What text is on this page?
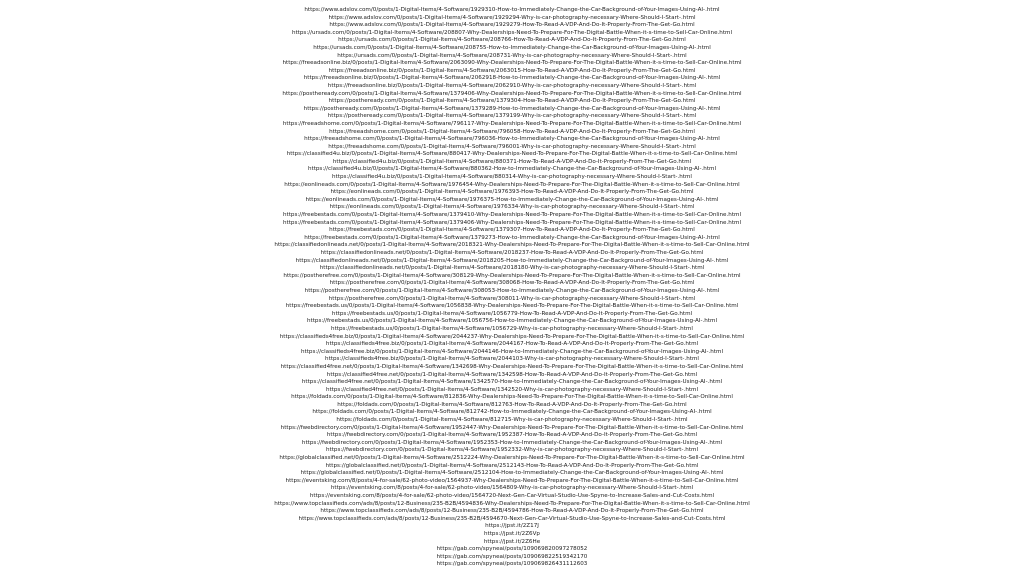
https://www.adslov.com/0/posts/1-Digital-Items/4-Software/1929310-How-to-Immediately-Change-the-Car-Background-of-Your-Images-Using-AI-.html
https://www.adslov.com/0/posts/1-Digital-Items/4-Software/1929294-Why-is-car-photography-necessary-Where-Should-I-Start-.html
https://www.adslov.com/0/posts/1-Digital-Items/4-Software/1929279-How-To-Read-A-VDP-And-Do-It-Properly-From-The-Get-Go.html
https://ursads.com/0/posts/1-Digital-Items/4-Software/208807-Why-Dealerships-Need-To-Prepare-For-The-Digital-Battle-When-it-s-time-to-Sell-Car-Online.html
https://ursads.com/0/posts/1-Digital-Items/4-Software/208766-How-To-Read-A-VDP-And-Do-It-Properly-From-The-Get-Go.html
https://ursads.com/0/posts/1-Digital-Items/4-Software/208755-How-to-Immediately-Change-the-Car-Background-of-Your-Images-Using-AI-.html
https://ursads.com/0/posts/1-Digital-Items/4-Software/208731-Why-is-car-photography-necessary-Where-Should-I-Start-.html
https://freeadsonline.biz/0/posts/1-Digital-Items/4-Software/2063090-Why-Dealerships-Need-To-Prepare-For-The-Digital-Battle-When-it-s-time-to-Sell-Car-Online.html
https://freeadsonline.biz/0/posts/1-Digital-Items/4-Software/2063015-How-To-Read-A-VDP-And-Do-It-Properly-From-The-Get-Go.html
https://freeadsonline.biz/0/posts/1-Digital-Items/4-Software/2062918-How-to-Immediately-Change-the-Car-Background-of-Your-Images-Using-AI-.html
https://freeadsonline.biz/0/posts/1-Digital-Items/4-Software/2062910-Why-is-car-photography-necessary-Where-Should-I-Start-.html
https://postheready.com/0/posts/1-Digital-Items/4-Software/1379406-Why-Dealerships-Need-To-Prepare-For-The-Digital-Battle-When-it-s-time-to-Sell-Car-Online.html
https://postheready.com/0/posts/1-Digital-Items/4-Software/1379304-How-To-Read-A-VDP-And-Do-It-Properly-From-The-Get-Go.html
https://postheready.com/0/posts/1-Digital-Items/4-Software/1379289-How-to-Immediately-Change-the-Car-Background-of-Your-Images-Using-AI-.html
https://postheready.com/0/posts/1-Digital-Items/4-Software/1379199-Why-is-car-photography-necessary-Where-Should-I-Start-.html
https://freeadshome.com/0/posts/1-Digital-Items/4-Software/796117-Why-Dealerships-Need-To-Prepare-For-The-Digital-Battle-When-it-s-time-to-Sell-Car-Online.html
https://freeadshome.com/0/posts/1-Digital-Items/4-Software/796058-How-To-Read-A-VDP-And-Do-It-Properly-From-The-Get-Go.html
https://freeadshome.com/0/posts/1-Digital-Items/4-Software/796036-How-to-Immediately-Change-the-Car-Background-of-Your-Images-Using-AI-.html
https://freeadshome.com/0/posts/1-Digital-Items/4-Software/796001-Why-is-car-photography-necessary-Where-Should-I-Start-.html
https://classified4u.biz/0/posts/1-Digital-Items/4-Software/880417-Why-Dealerships-Need-To-Prepare-For-The-Digital-Battle-When-it-s-time-to-Sell-Car-Online.html
https://classified4u.biz/0/posts/1-Digital-Items/4-Software/880371-How-To-Read-A-VDP-And-Do-It-Properly-From-The-Get-Go.html
https://classified4u.biz/0/posts/1-Digital-Items/4-Software/880362-How-to-Immediately-Change-the-Car-Background-of-Your-Images-Using-AI-.html
https://classified4u.biz/0/posts/1-Digital-Items/4-Software/880314-Why-is-car-photography-necessary-Where-Should-I-Start-.html
https://eonlineads.com/0/posts/1-Digital-Items/4-Software/1976454-Why-Dealerships-Need-To-Prepare-For-The-Digital-Battle-When-it-s-time-to-Sell-Car-Online.html
https://eonlineads.com/0/posts/1-Digital-Items/4-Software/1976393-How-To-Read-A-VDP-And-Do-It-Properly-From-The-Get-Go.html
https://eonlineads.com/0/posts/1-Digital-Items/4-Software/1976375-How-to-Immediately-Change-the-Car-Background-of-Your-Images-Using-AI-.html
https://eonlineads.com/0/posts/1-Digital-Items/4-Software/1976334-Why-is-car-photography-necessary-Where-Should-I-Start-.html
https://freebestads.com/0/posts/1-Digital-Items/4-Software/1379410-Why-Dealerships-Need-To-Prepare-For-The-Digital-Battle-When-it-s-time-to-Sell-Car-Online.html
https://freebestads.com/0/posts/1-Digital-Items/4-Software/1379406-Why-Dealerships-Need-To-Prepare-For-The-Digital-Battle-When-it-s-time-to-Sell-Car-Online.html
https://freebestads.com/0/posts/1-Digital-Items/4-Software/1379307-How-To-Read-A-VDP-And-Do-It-Properly-From-The-Get-Go.html
https://freebestads.com/0/posts/1-Digital-Items/4-Software/1379273-How-to-Immediately-Change-the-Car-Background-of-Your-Images-Using-AI-.html
https://classifiedonlineads.net/0/posts/1-Digital-Items/4-Software/2018321-Why-Dealerships-Need-To-Prepare-For-The-Digital-Battle-When-it-s-time-to-Sell-Car-Online.html
https://classifiedonlineads.net/0/posts/1-Digital-Items/4-Software/2018237-How-To-Read-A-VDP-And-Do-It-Properly-From-The-Get-Go.html
https://classifiedonlineads.net/0/posts/1-Digital-Items/4-Software/2018205-How-to-Immediately-Change-the-Car-Background-of-Your-Images-Using-AI-.html
https://classifiedonlineads.net/0/posts/1-Digital-Items/4-Software/2018180-Why-is-car-photography-necessary-Where-Should-I-Start-.html
https://postherefree.com/0/posts/1-Digital-Items/4-Software/308129-Why-Dealerships-Need-To-Prepare-For-The-Digital-Battle-When-it-s-time-to-Sell-Car-Online.html
https://postherefree.com/0/posts/1-Digital-Items/4-Software/308068-How-To-Read-A-VDP-And-Do-It-Properly-From-The-Get-Go.html
https://postherefree.com/0/posts/1-Digital-Items/4-Software/308053-How-to-Immediately-Change-the-Car-Background-of-Your-Images-Using-AI-.html
https://postherefree.com/0/posts/1-Digital-Items/4-Software/308011-Why-is-car-photography-necessary-Where-Should-I-Start-.html
https://freebestads.us/0/posts/1-Digital-Items/4-Software/1056838-Why-Dealerships-Need-To-Prepare-For-The-Digital-Battle-When-it-s-time-to-Sell-Car-Online.html
https://freebestads.us/0/posts/1-Digital-Items/4-Software/1056779-How-To-Read-A-VDP-And-Do-It-Properly-From-The-Get-Go.html
https://freebestads.us/0/posts/1-Digital-Items/4-Software/1056756-How-to-Immediately-Change-the-Car-Background-of-Your-Images-Using-AI-.html
https://freebestads.us/0/posts/1-Digital-Items/4-Software/1056729-Why-is-car-photography-necessary-Where-Should-I-Start-.html
https://classifieds4free.biz/0/posts/1-Digital-Items/4-Software/2044237-Why-Dealerships-Need-To-Prepare-For-The-Digital-Battle-When-it-s-time-to-Sell-Car-Online.html
https://classifieds4free.biz/0/posts/1-Digital-Items/4-Software/2044167-How-To-Read-A-VDP-And-Do-It-Properly-From-The-Get-Go.html
https://classifieds4free.biz/0/posts/1-Digital-Items/4-Software/2044146-How-to-Immediately-Change-the-Car-Background-of-Your-Images-Using-AI-.html
https://classifieds4free.biz/0/posts/1-Digital-Items/4-Software/2044103-Why-is-car-photography-necessary-Where-Should-I-Start-.html
https://classified4free.net/0/posts/1-Digital-Items/4-Software/1342698-Why-Dealerships-Need-To-Prepare-For-The-Digital-Battle-When-it-s-time-to-Sell-Car-Online.html
https://classified4free.net/0/posts/1-Digital-Items/4-Software/1342598-How-To-Read-A-VDP-And-Do-It-Properly-From-The-Get-Go.html
https://classified4free.net/0/posts/1-Digital-Items/4-Software/1342570-How-to-Immediately-Change-the-Car-Background-of-Your-Images-Using-AI-.html
https://classified4free.net/0/posts/1-Digital-Items/4-Software/1342520-Why-is-car-photography-necessary-Where-Should-I-Start-.html
https://foldads.com/0/posts/1-Digital-Items/4-Software/812836-Why-Dealerships-Need-To-Prepare-For-The-Digital-Battle-When-it-s-time-to-Sell-Car-Online.html
https://foldads.com/0/posts/1-Digital-Items/4-Software/812763-How-To-Read-A-VDP-And-Do-It-Properly-From-The-Get-Go.html
https://foldads.com/0/posts/1-Digital-Items/4-Software/812742-How-to-Immediately-Change-the-Car-Background-of-Your-Images-Using-AI-.html
https://foldads.com/0/posts/1-Digital-Items/4-Software/812715-Why-is-car-photography-necessary-Where-Should-I-Start-.html
https://fwebdirectory.com/0/posts/1-Digital-Items/4-Software/1952447-Why-Dealerships-Need-To-Prepare-For-The-Digital-Battle-When-it-s-time-to-Sell-Car-Online.html
https://fwebdirectory.com/0/posts/1-Digital-Items/4-Software/1952387-How-To-Read-A-VDP-And-Do-It-Properly-From-The-Get-Go.html
https://fwebdirectory.com/0/posts/1-Digital-Items/4-Software/1952353-How-to-Immediately-Change-the-Car-Background-of-Your-Images-Using-AI-.html
https://fwebdirectory.com/0/posts/1-Digital-Items/4-Software/1952332-Why-is-car-photography-necessary-Where-Should-I-Start-.html
https://globalclassified.net/0/posts/1-Digital-Items/4-Software/2512224-Why-Dealerships-Need-To-Prepare-For-The-Digital-Battle-When-it-s-time-to-Sell-Car-Online.html
https://globalclassified.net/0/posts/1-Digital-Items/4-Software/2512143-How-To-Read-A-VDP-And-Do-It-Properly-From-The-Get-Go.html
https://globalclassified.net/0/posts/1-Digital-Items/4-Software/2512104-How-to-Immediately-Change-the-Car-Background-of-Your-Images-Using-AI-.html
https://eventsking.com/8/posts/4-for-sale/62-photo-video/1564937-Why-Dealerships-Need-To-Prepare-For-The-Digital-Battle-When-it-s-time-to-Sell-Car-Online.html
https://eventsking.com/8/posts/4-for-sale/62-photo-video/1564809-Why-is-car-photography-necessary-Where-Should-I-Start-.html
https://eventsking.com/8/posts/4-for-sale/62-photo-video/1564720-Next-Gen-Car-Virtual-Studio-Use-Spyne-to-Increase-Sales-and-Cut-Costs.html
https://www.topclassifieds.com/ads/8/posts/12-Business/235-B2B/4594836-Why-Dealerships-Need-To-Prepare-For-The-Digital-Battle-When-it-s-time-to-Sell-Car-Online.html
https://www.topclassifieds.com/ads/8/posts/12-Business/235-B2B/4594786-How-To-Read-A-VDP-And-Do-It-Properly-From-The-Get-Go.html
https://www.topclassifieds.com/ads/8/posts/12-Business/235-B2B/4594670-Next-Gen-Car-Virtual-Studio-Use-Spyne-to-Increase-Sales-and-Cut-Costs.html
https://jpst.it/2Z17J
https://jpst.it/2Z6Vp
https://jpst.it/2Z6He
https://gab.com/spyneai/posts/109069820097278052
https://gab.com/spyneai/posts/109069822519342170
https://gab.com/spyneai/posts/109069826431112603
